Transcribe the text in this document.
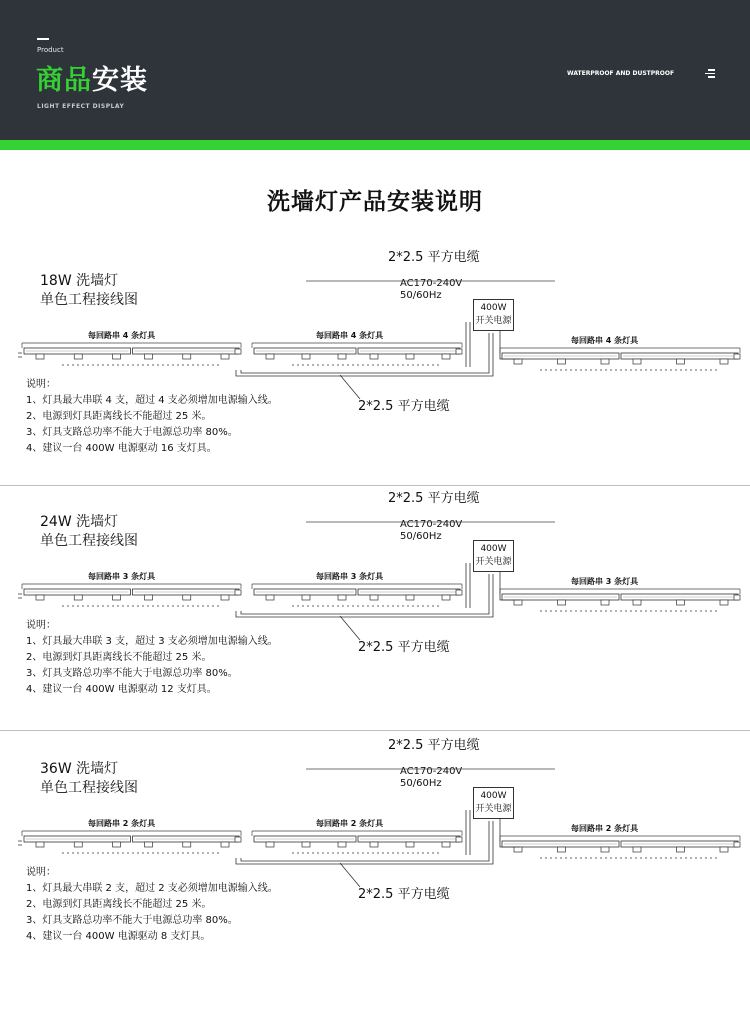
Product
商品安装
LIGHT EFFECT DISPLAY
WATERPROOF AND DUSTPROOF
洗墙灯产品安装说明
18W 洗墙灯
单色工程接线图
2*2.5 平方电缆
AC170-240V
50/60Hz
400W
开关电源
每回路串 4 条灯具	每回路串 4 条灯具
每回路串 4 条灯具
2*2.5 平方电缆
说明：
1、灯具最大串联 4 支，超过 4 支必须增加电源输入线。
2、电源到灯具距离线长不能超过 25 米。
3、灯具支路总功率不能大于电源总功率 80%。
4、建议一台 400W 电源驱动 16 支灯具。
24W 洗墙灯
单色工程接线图
2*2.5 平方电缆
AC170-240V
50/60Hz
400W
开关电源
每回路串 3 条灯具	每回路串 3 条灯具
每回路串 3 条灯具
2*2.5 平方电缆
说明：
1、灯具最大串联 3 支，超过 3 支必须增加电源输入线。
2、电源到灯具距离线长不能超过 25 米。
3、灯具支路总功率不能大于电源总功率 80%。
4、建议一台 400W 电源驱动 12 支灯具。
36W 洗墙灯
单色工程接线图
2*2.5 平方电缆
AC170-240V
50/60Hz
400W
开关电源
每回路串 2 条灯具	每回路串 2 条灯具
每回路串 2 条灯具
2*2.5 平方电缆
说明：
1、灯具最大串联 2 支，超过 2 支必须增加电源输入线。
2、电源到灯具距离线长不能超过 25 米。
3、灯具支路总功率不能大于电源总功率 80%。
4、建议一台 400W 电源驱动 8 支灯具。
